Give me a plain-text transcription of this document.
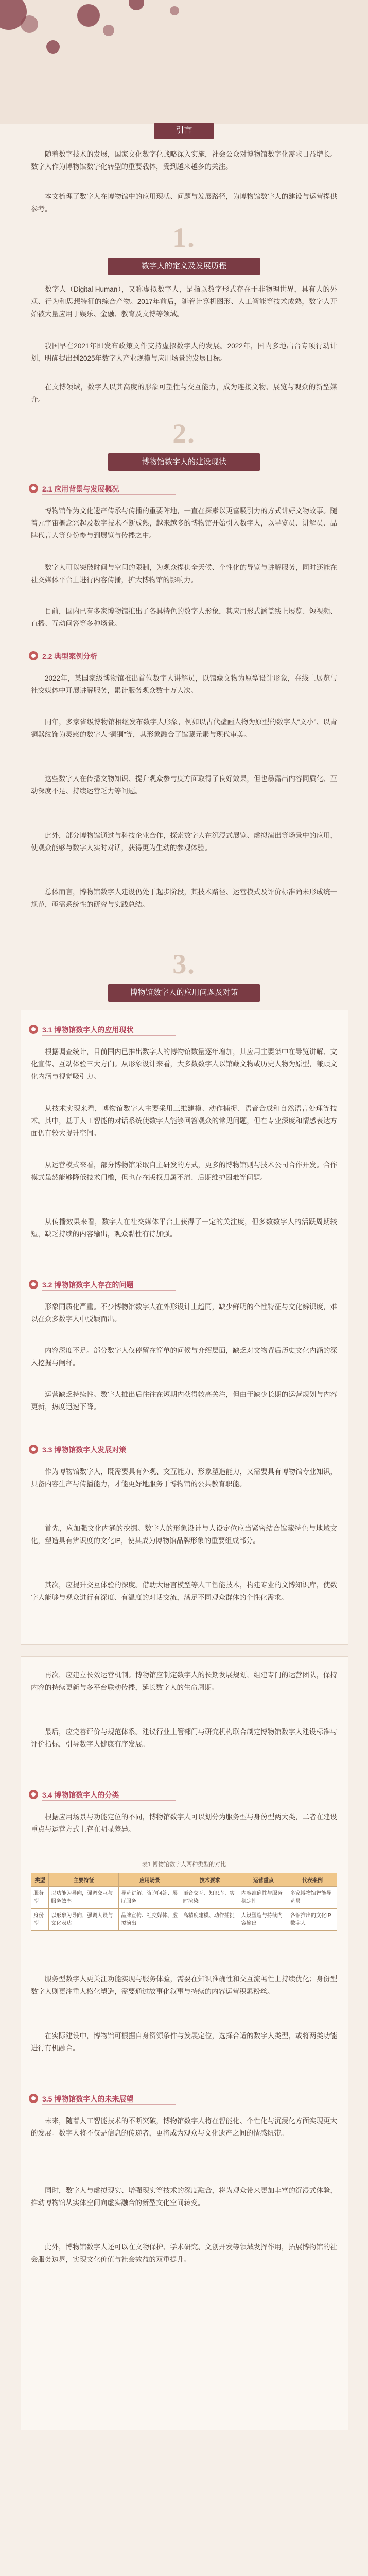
引言
随着数字技术的发展，国家文化数字化战略深入实施，社会公众对博物馆数字化需求日益增长。数字人作为博物馆数字化转型的重要载体，受到越来越多的关注。
本文梳理了数字人在博物馆中的应用现状、问题与发展路径，为博物馆数字人的建设与运营提供参考。
1.
数字人的定义及发展历程
数字人（Digital Human），又称虚拟数字人，是指以数字形式存在于非物理世界，具有人的外观、行为和思想特征的综合产物。2017年前后，随着计算机图形、人工智能等技术成熟，数字人开始被大量应用于娱乐、金融、教育及文博等领域。
我国早在2021年即发布政策文件支持虚拟数字人的发展。2022年，国内多地出台专项行动计划，明确提出到2025年数字人产业规模与应用场景的发展目标。
在文博领域，数字人以其高度的形象可塑性与交互能力，成为连接文物、展览与观众的新型媒介。
2.
博物馆数字人的建设现状
2.1 应用背景与发展概况
博物馆作为文化遗产传承与传播的重要阵地，一直在探索以更富吸引力的方式讲好文物故事。随着元宇宙概念兴起及数字技术不断成熟，越来越多的博物馆开始引入数字人，以导览员、讲解员、品牌代言人等身份参与到展览与传播之中。
数字人可以突破时间与空间的限制，为观众提供全天候、个性化的导览与讲解服务，同时还能在社交媒体平台上进行内容传播，扩大博物馆的影响力。
目前，国内已有多家博物馆推出了各具特色的数字人形象，其应用形式涵盖线上展览、短视频、直播、互动问答等多种场景。
2.2 典型案例分析
2022年，某国家级博物馆推出首位数字人讲解员，以馆藏文物为原型设计形象，在线上展览与社交媒体中开展讲解服务，累计服务观众数十万人次。
同年，多家省级博物馆相继发布数字人形象，例如以古代壁画人物为原型的数字人“文小”、以青铜器纹饰为灵感的数字人“铜铜”等，其形象融合了馆藏元素与现代审美。
这些数字人在传播文物知识、提升观众参与度方面取得了良好效果，但也暴露出内容同质化、互动深度不足、持续运营乏力等问题。
此外，部分博物馆通过与科技企业合作，探索数字人在沉浸式展览、虚拟演出等场景中的应用，使观众能够与数字人实时对话，获得更为生动的参观体验。
总体而言，博物馆数字人建设仍处于起步阶段，其技术路径、运营模式及评价标准尚未形成统一规范，亟需系统性的研究与实践总结。
3.
博物馆数字人的应用问题及对策
3.1 博物馆数字人的应用现状
根据调查统计，目前国内已推出数字人的博物馆数量逐年增加，其应用主要集中在导览讲解、文化宣传、互动体验三大方向。从形象设计来看，大多数数字人以馆藏文物或历史人物为原型，兼顾文化内涵与视觉吸引力。
从技术实现来看，博物馆数字人主要采用三维建模、动作捕捉、语音合成和自然语言处理等技术。其中，基于人工智能的对话系统使数字人能够回答观众的常见问题，但在专业深度和情感表达方面仍有较大提升空间。
从运营模式来看，部分博物馆采取自主研发的方式，更多的博物馆则与技术公司合作开发。合作模式虽然能够降低技术门槛，但也存在版权归属不清、后期维护困难等问题。
从传播效果来看，数字人在社交媒体平台上获得了一定的关注度，但多数数字人的活跃周期较短，缺乏持续的内容输出，观众黏性有待加强。
3.2 博物馆数字人存在的问题
形象同质化严重。不少博物馆数字人在外形设计上趋同，缺少鲜明的个性特征与文化辨识度，难以在众多数字人中脱颖而出。
内容深度不足。部分数字人仅停留在简单的问候与介绍层面，缺乏对文物背后历史文化内涵的深入挖掘与阐释。
运营缺乏持续性。数字人推出后往往在短期内获得较高关注，但由于缺少长期的运营规划与内容更新，热度迅速下降。
3.3 博物馆数字人发展对策
作为博物馆数字人，既需要具有外观、交互能力、形象塑造能力，又需要具有博物馆专业知识，具备内容生产与传播能力，才能更好地服务于博物馆的公共教育职能。
首先，应加强文化内涵的挖掘。数字人的形象设计与人设定位应当紧密结合馆藏特色与地域文化，塑造具有辨识度的文化IP，使其成为博物馆品牌形象的重要组成部分。
其次，应提升交互体验的深度。借助大语言模型等人工智能技术，构建专业的文博知识库，使数字人能够与观众进行有深度、有温度的对话交流，满足不同观众群体的个性化需求。
再次，应建立长效运营机制。博物馆应制定数字人的长期发展规划，组建专门的运营团队，保持内容的持续更新与多平台联动传播，延长数字人的生命周期。
最后，应完善评价与规范体系。建议行业主管部门与研究机构联合制定博物馆数字人建设标准与评价指标，引导数字人健康有序发展。
3.4 博物馆数字人的分类
根据应用场景与功能定位的不同，博物馆数字人可以划分为服务型与身份型两大类，二者在建设重点与运营方式上存在明显差异。
表1 博物馆数字人两种类型的对比
类型	主要特征	应用场景	技术要求	运营重点	代表案例
服务型	以功能为导向，强调交互与服务效率	导览讲解、咨询问答、展厅服务	语音交互、知识库、实时渲染	内容准确性与服务稳定性	多家博物馆智能导览员
身份型	以形象为导向，强调人设与文化表达	品牌宣传、社交媒体、虚拟演出	高精度建模、动作捕捉	人设塑造与持续内容输出	各馆推出的文化IP数字人
服务型数字人更关注功能实现与服务体验，需要在知识准确性和交互流畅性上持续优化；身份型数字人则更注重人格化塑造，需要通过故事化叙事与持续的内容运营积累粉丝。
在实际建设中，博物馆可根据自身资源条件与发展定位，选择合适的数字人类型，或将两类功能进行有机融合。
3.5 博物馆数字人的未来展望
未来，随着人工智能技术的不断突破，博物馆数字人将在智能化、个性化与沉浸化方面实现更大的发展。数字人将不仅是信息的传递者，更将成为观众与文化遗产之间的情感纽带。
同时，数字人与虚拟现实、增强现实等技术的深度融合，将为观众带来更加丰富的沉浸式体验，推动博物馆从实体空间向虚实融合的新型文化空间转变。
此外，博物馆数字人还可以在文物保护、学术研究、文创开发等领域发挥作用，拓展博物馆的社会服务边界，实现文化价值与社会效益的双重提升。
